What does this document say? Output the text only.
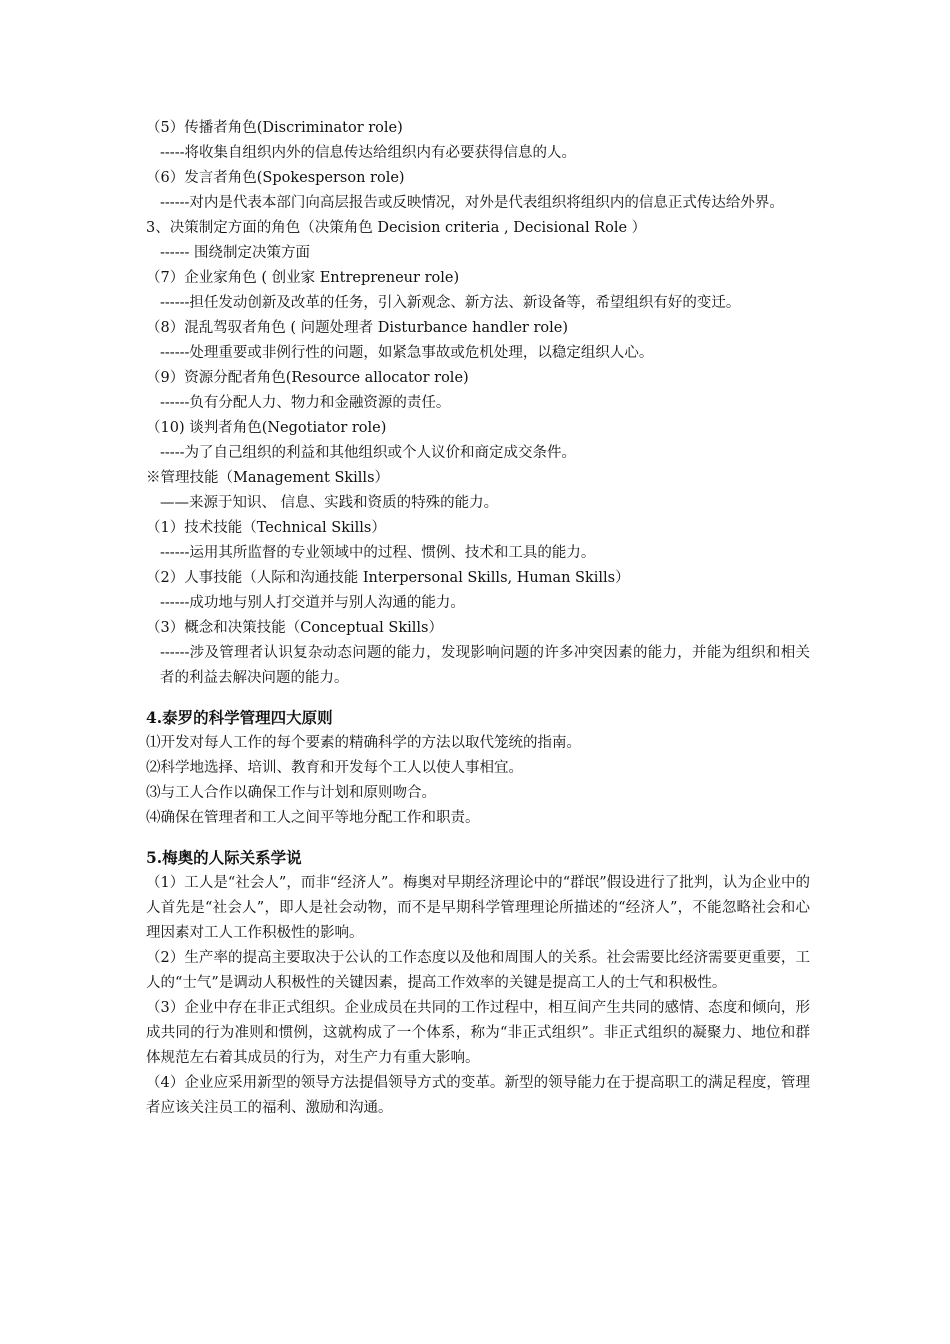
（5）传播者角色(Discriminator role)
-----将收集自组织内外的信息传达给组织内有必要获得信息的人。
（6）发言者角色(Spokesperson role)
------对内是代表本部门向高层报告或反映情况，对外是代表组织将组织内的信息正式传达给外界。
3、决策制定方面的角色（决策角色 Decision criteria , Decisional Role ）
------ 围绕制定决策方面
（7）企业家角色 ( 创业家 Entrepreneur role)
------担任发动创新及改革的任务，引入新观念、新方法、新设备等，希望组织有好的变迁。
（8）混乱驾驭者角色 ( 问题处理者 Disturbance handler role)
------处理重要或非例行性的问题，如紧急事故或危机处理，以稳定组织人心。
（9）资源分配者角色(Resource allocator role)
------负有分配人力、物力和金融资源的责任。
（10) 谈判者角色(Negotiator role)
-----为了自己组织的利益和其他组织或个人议价和商定成交条件。
※管理技能（Management Skills）
——来源于知识、 信息、实践和资质的特殊的能力。
（1）技术技能（Technical Skills）
------运用其所监督的专业领域中的过程、惯例、技术和工具的能力。
（2）人事技能（人际和沟通技能 Interpersonal Skills, Human Skills）
------成功地与别人打交道并与别人沟通的能力。
（3）概念和决策技能（Conceptual Skills）
------涉及管理者认识复杂动态问题的能力，发现影响问题的许多冲突因素的能力，并能为组织和相关者的利益去解决问题的能力。
4.泰罗的科学管理四大原则
⑴开发对每人工作的每个要素的精确科学的方法以取代笼统的指南。
⑵科学地选择、培训、教育和开发每个工人以使人事相宜。
⑶与工人合作以确保工作与计划和原则吻合。
⑷确保在管理者和工人之间平等地分配工作和职责。
5.梅奥的人际关系学说
（1）工人是“社会人”，而非“经济人”。梅奥对早期经济理论中的“群氓”假设进行了批判，认为企业中的人首先是“社会人”，即人是社会动物，而不是早期科学管理理论所描述的“经济人”，不能忽略社会和心理因素对工人工作积极性的影响。
（2）生产率的提高主要取决于公认的工作态度以及他和周围人的关系。社会需要比经济需要更重要，工人的“士气”是调动人积极性的关键因素，提高工作效率的关键是提高工人的士气和积极性。
（3）企业中存在非正式组织。企业成员在共同的工作过程中，相互间产生共同的感情、态度和倾向，形成共同的行为准则和惯例，这就构成了一个体系，称为“非正式组织”。非正式组织的凝聚力、地位和群体规范左右着其成员的行为，对生产力有重大影响。
（4）企业应采用新型的领导方法提倡领导方式的变革。新型的领导能力在于提高职工的满足程度，管理者应该关注员工的福利、激励和沟通。
